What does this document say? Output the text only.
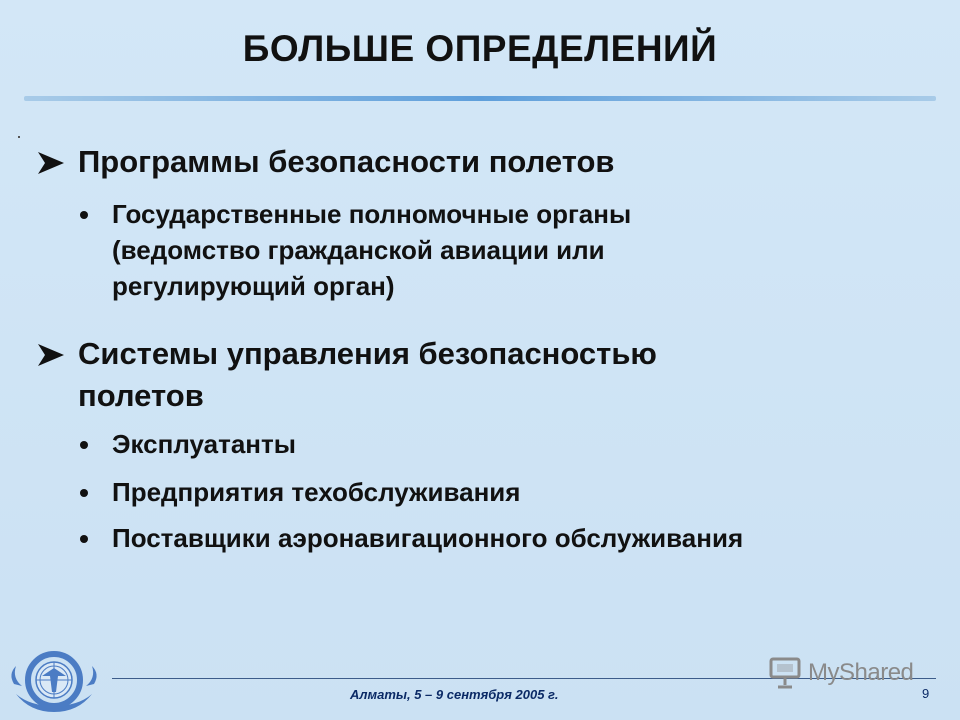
БОЛЬШЕ ОПРЕДЕЛЕНИЙ
Программы безопасности полетов
Государственные полномочные органы
(ведомство гражданской авиации или
регулирующий орган)
Системы управления безопасностью
полетов
Эксплуатанты
Предприятия техобслуживания
Поставщики аэронавигационного обслуживания
Алматы, 5 – 9 сентября 2005 г.	9
MyShared
